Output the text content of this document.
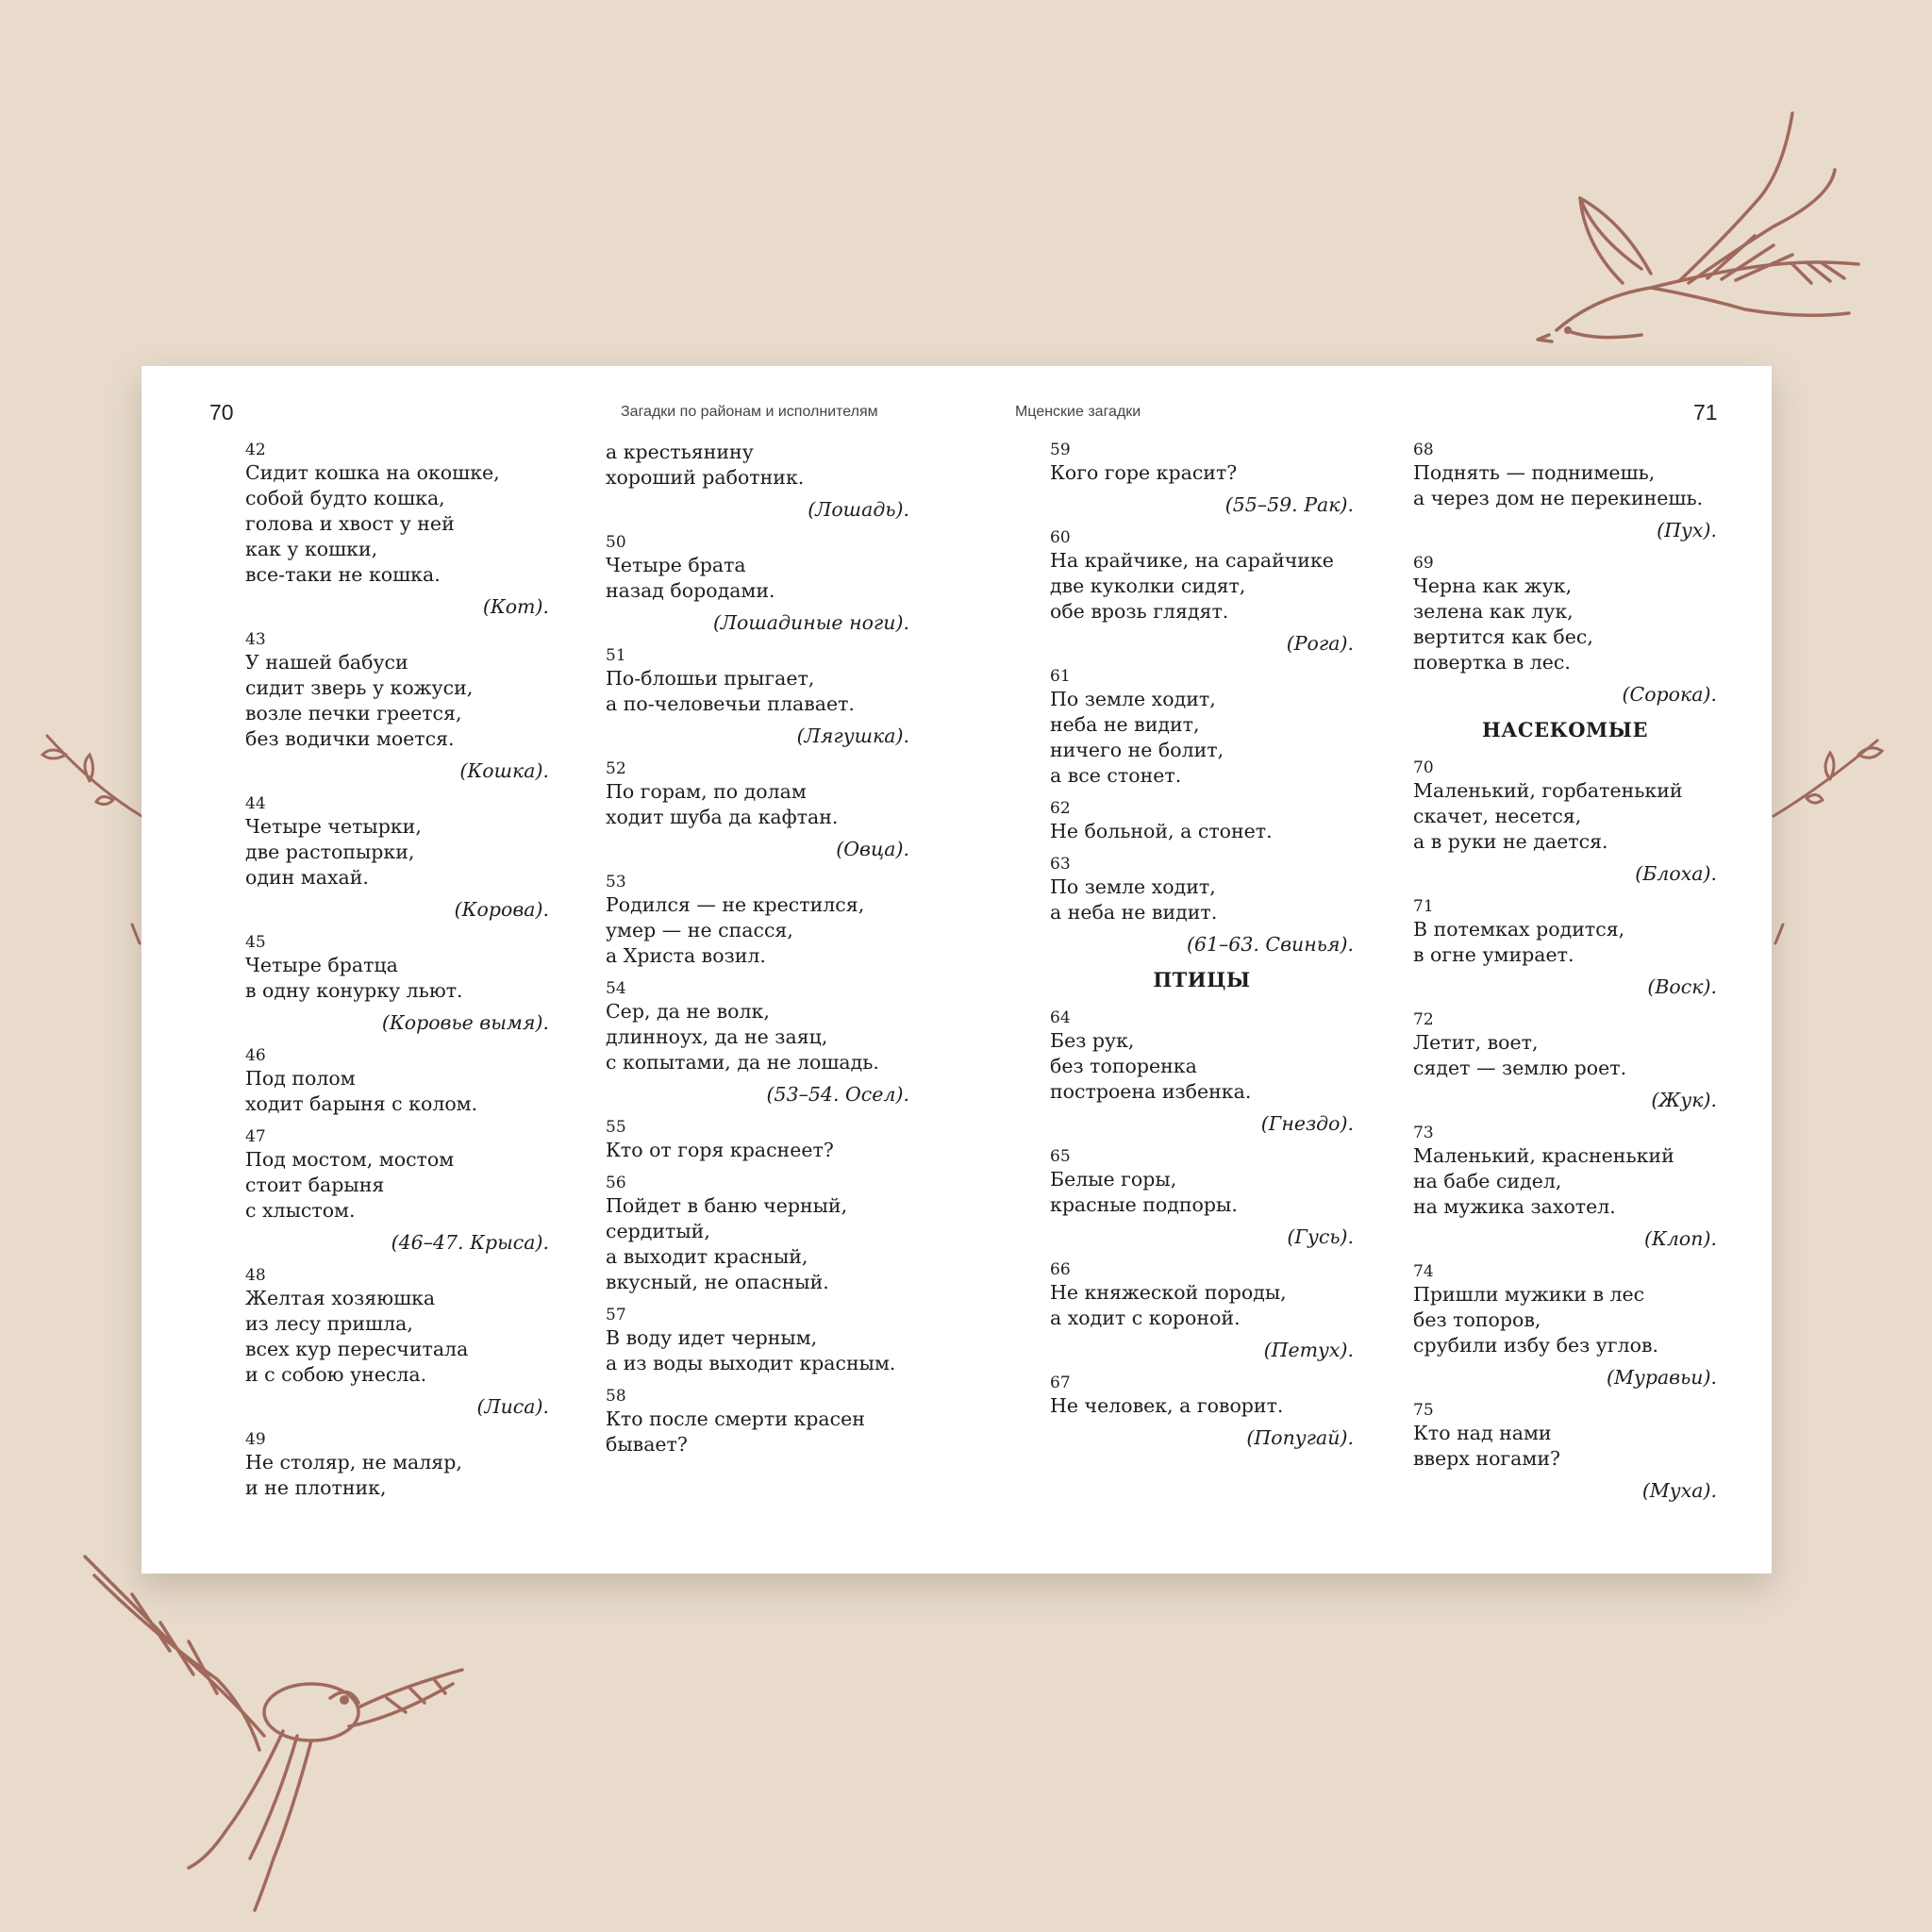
70	Загадки по районам и исполнителям	Мценские загадки	71
42
Сидит кошка на окошке,
собой будто кошка,
голова и хвост у ней
как у кошки,
все-таки не кошка.
(Кот).
43
У нашей бабуси
сидит зверь у кожуси,
возле печки греется,
без водички моется.
(Кошка).
44
Четыре четырки,
две растопырки,
один махай.
(Корова).
45
Четыре братца
в одну конурку льют.
(Коровье вымя).
46
Под полом
ходит барыня с колом.
47
Под мостом, мостом
стоит барыня
с хлыстом.
(46–47. Крыса).
48
Желтая хозяюшка
из лесу пришла,
всех кур пересчитала
и с собою унесла.
(Лиса).
49
Не столяр, не маляр,
и не плотник,
а крестьянину
хороший работник.
(Лошадь).
50
Четыре брата
назад бородами.
(Лошадиные ноги).
51
По-блошьи прыгает,
а по-человечьи плавает.
(Лягушка).
52
По горам, по долам
ходит шуба да кафтан.
(Овца).
53
Родился — не крестился,
умер — не спасся,
а Христа возил.
54
Сер, да не волк,
длинноух, да не заяц,
с копытами, да не лошадь.
(53–54. Осел).
55
Кто от горя краснеет?
56
Пойдет в баню черный,
сердитый,
а выходит красный,
вкусный, не опасный.
57
В воду идет черным,
а из воды выходит красным.
58
Кто после смерти красен
бывает?
59
Кого горе красит?
(55–59. Рак).
60
На крайчике, на сарайчике
две куколки сидят,
обе врозь глядят.
(Рога).
61
По земле ходит,
неба не видит,
ничего не болит,
а все стонет.
62
Не больной, а стонет.
63
По земле ходит,
а неба не видит.
(61–63. Свинья).
ПТИЦЫ
64
Без рук,
без топоренка
построена избенка.
(Гнездо).
65
Белые горы,
красные подпоры.
(Гусь).
66
Не княжеской породы,
а ходит с короной.
(Петух).
67
Не человек, а говорит.
(Попугай).
68
Поднять — поднимешь,
а через дом не перекинешь.
(Пух).
69
Черна как жук,
зелена как лук,
вертится как бес,
повертка в лес.
(Сорока).
НАСЕКОМЫЕ
70
Маленький, горбатенький
скачет, несется,
а в руки не дается.
(Блоха).
71
В потемках родится,
в огне умирает.
(Воск).
72
Летит, воет,
сядет — землю роет.
(Жук).
73
Маленький, красненький
на бабе сидел,
на мужика захотел.
(Клоп).
74
Пришли мужики в лес
без топоров,
срубили избу без углов.
(Муравьи).
75
Кто над нами
вверх ногами?
(Муха).
